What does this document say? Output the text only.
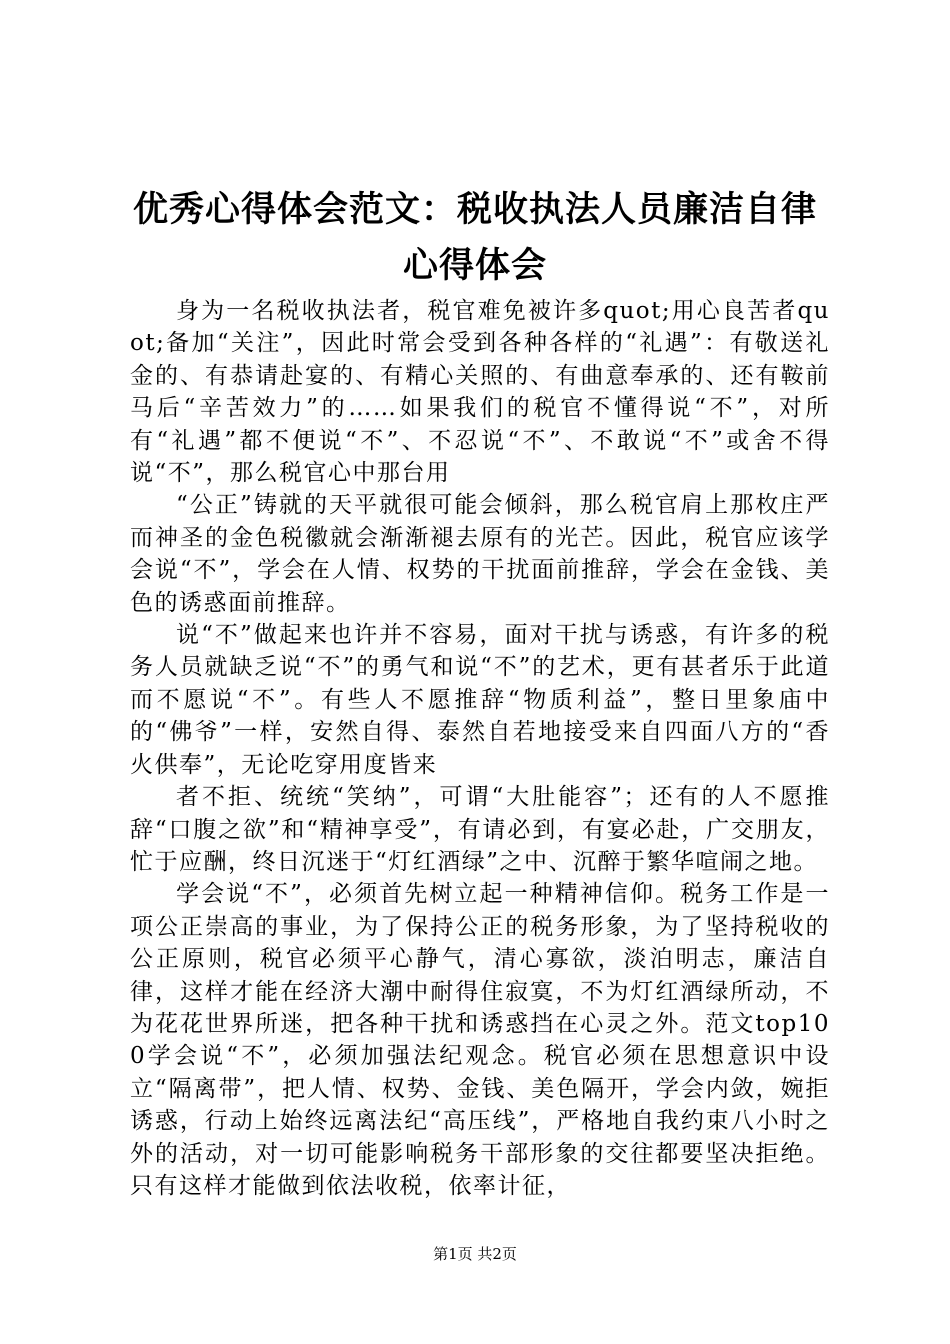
优秀心得体会范文：税收执法人员廉洁自律心得体会

身为一名税收执法者，税官难免被许多quot;用心良苦者quot;备加“关注”，因此时常会受到各种各样的“礼遇”：有敬送礼金的、有恭请赴宴的、有精心关照的、有曲意奉承的、还有鞍前马后“辛苦效力”的……如果我们的税官不懂得说“不”，对所有“礼遇”都不便说“不”、不忍说“不”、不敢说“不”或舍不得说“不”，那么税官心中那台用

“公正”铸就的天平就很可能会倾斜，那么税官肩上那枚庄严而神圣的金色税徽就会渐渐褪去原有的光芒。因此，税官应该学会说“不”，学会在人情、权势的干扰面前推辞，学会在金钱、美色的诱惑面前推辞。

说“不”做起来也许并不容易，面对干扰与诱惑，有许多的税务人员就缺乏说“不”的勇气和说“不”的艺术，更有甚者乐于此道而不愿说“不”。有些人不愿推辞“物质利益”，整日里象庙中的“佛爷”一样，安然自得、泰然自若地接受来自四面八方的“香火供奉”，无论吃穿用度皆来

者不拒、统统“笑纳”，可谓“大肚能容”；还有的人不愿推辞“口腹之欲”和“精神享受”，有请必到，有宴必赴，广交朋友，忙于应酬，终日沉迷于“灯红酒绿”之中、沉醉于繁华喧闹之地。

学会说“不”，必须首先树立起一种精神信仰。税务工作是一项公正崇高的事业，为了保持公正的税务形象，为了坚持税收的公正原则，税官必须平心静气，清心寡欲，淡泊明志，廉洁自律，这样才能在经济大潮中耐得住寂寞，不为灯红酒绿所动，不为花花世界所迷，把各种干扰和诱惑挡在心灵之外。范文top100学会说“不”，必须加强法纪观念。税官必须在思想意识中设立“隔离带”，把人情、权势、金钱、美色隔开，学会内敛，婉拒诱惑，行动上始终远离法纪“高压线”，严格地自我约束八小时之外的活动，对一切可能影响税务干部形象的交往都要坚决拒绝。只有这样才能做到依法收税，依率计征，

第1页 共2页
